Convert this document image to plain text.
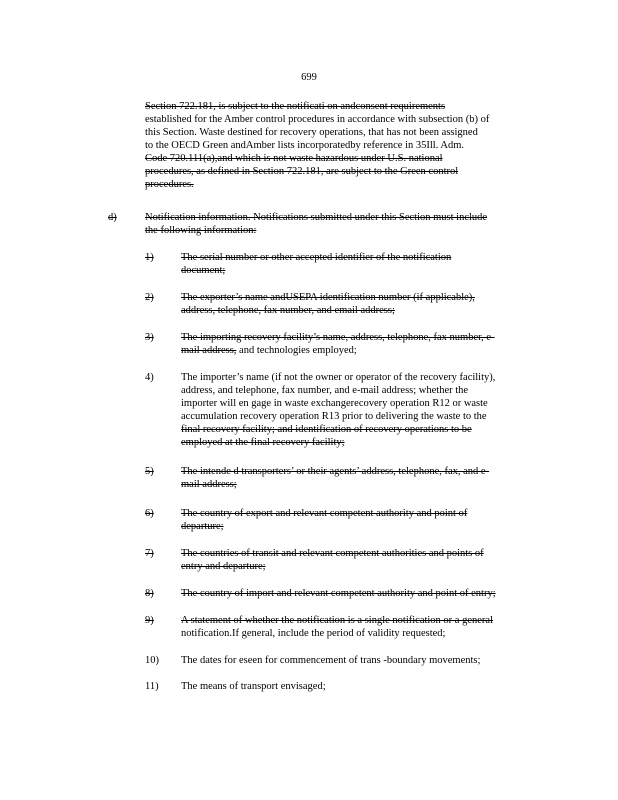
699
Section 722.181, is subject to the notificati on andconsent requirements
established for the Amber control procedures in accordance with subsection (b) of
this Section. Waste destined for recovery operations, that has not been assigned
to the OECD Green andAmber lists incorporatedby reference in 35Ill. Adm.
Code 720.111(a),and which is not waste hazardous under U.S. national
procedures, as defined in Section 722.181, are subject to the Green control
procedures.
d)	Notification information. Notifications submitted under this Section must include
the following information:
1)	The serial number or other accepted identifier of the notification
document;
2)	The exporter’s name andUSEPA identification number (if applicable),
address, telephone, fax number, and email address;
3)	The importing recovery facility’s name, address, telephone, fax number, e-
mail address, and technologies employed;
4)	The importer’s name (if not the owner or operator of the recovery facility),
address, and telephone, fax number, and e-mail address; whether the
importer will en gage in waste exchangerecovery operation R12 or waste
accumulation recovery operation R13 prior to delivering the waste to the
final recovery facility; and identification of recovery operations to be
employed at the final recovery facility;
5)	The intende d transporters’ or their agents’ address, telephone, fax, and e-
mail address;
6)	The country of export and relevant competent authority and point of
departure;
7)	The countries of transit and relevant competent authorities and points of
entry and departure;
8)	The country of import and relevant competent authority and point of entry;
9)	A statement of whether the notification is a single notification or a general
notification.If general, include the period of validity requested;
10) The dates for eseen for commencement of trans -boundary movements;
11) The means of transport envisaged;
